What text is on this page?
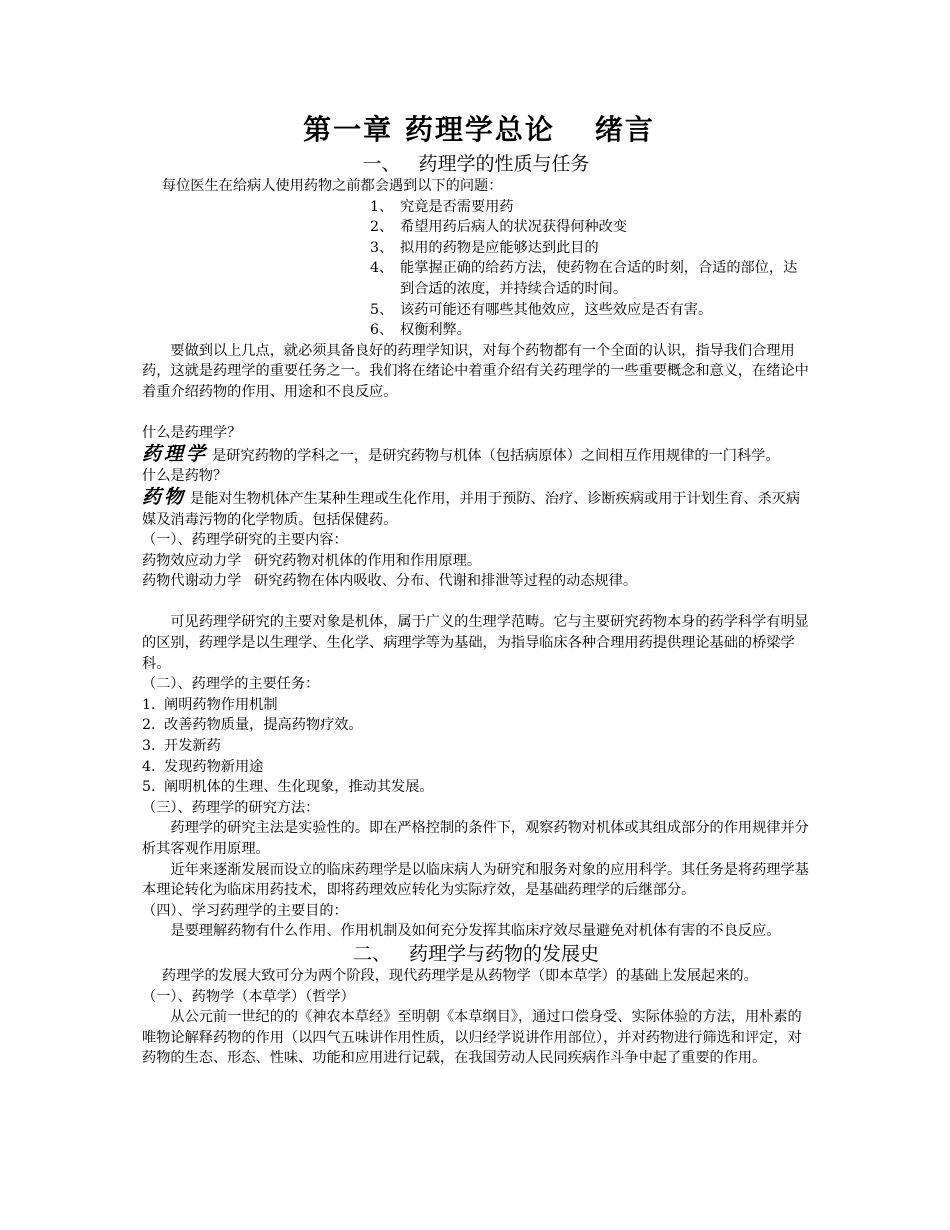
第一章 药理学总论 绪言
一、 药理学的性质与任务

每位医生在给病人使用药物之前都会遇到以下的问题：

1、 究竟是否需要用药
2、 希望用药后病人的状况获得何种改变
3、 拟用的药物是应能够达到此目的
4、 能掌握正确的给药方法，使药物在合适的时刻，合适的部位，达到合适的浓度，并持续合适的时间。
5、 该药可能还有哪些其他效应，这些效应是否有害。
6、 权衡利弊。

要做到以上几点，就必须具备良好的药理学知识，对每个药物都有一个全面的认识，指导我们合理用药，这就是药理学的重要任务之一。我们将在绪论中着重介绍有关药理学的一些重要概念和意义，在绪论中着重介绍药物的作用、用途和不良反应。

什么是药理学？

药理学 是研究药物的学科之一，是研究药物与机体（包括病原体）之间相互作用规律的一门科学。

什么是药物？

药物 是能对生物机体产生某种生理或生化作用，并用于预防、治疗、诊断疾病或用于计划生育、杀灭病媒及消毒污物的化学物质。包括保健药。

（一）、药理学研究的主要内容：

药物效应动力学 研究药物对机体的作用和作用原理。

药物代谢动力学 研究药物在体内吸收、分布、代谢和排泄等过程的动态规律。

可见药理学研究的主要对象是机体，属于广义的生理学范畴。它与主要研究药物本身的药学科学有明显的区别，药理学是以生理学、生化学、病理学等为基础，为指导临床各种合理用药提供理论基础的桥梁学科。

（二）、药理学的主要任务：

1. 阐明药物作用机制
2. 改善药物质量，提高药物疗效。
3. 开发新药
4. 发现药物新用途
5. 阐明机体的生理、生化现象，推动其发展。

（三）、药理学的研究方法：

药理学的研究主法是实验性的。即在严格控制的条件下，观察药物对机体或其组成部分的作用规律并分析其客观作用原理。

近年来逐渐发展而设立的临床药理学是以临床病人为研究和服务对象的应用科学。其任务是将药理学基本理论转化为临床用药技术，即将药理效应转化为实际疗效，是基础药理学的后继部分。

（四）、学习药理学的主要目的：

是要理解药物有什么作用、作用机制及如何充分发挥其临床疗效尽量避免对机体有害的不良反应。

二、 药理学与药物的发展史

药理学的发展大致可分为两个阶段，现代药理学是从药物学（即本草学）的基础上发展起来的。

（一）、药物学（本草学）（哲学）

从公元前一世纪的的《神农本草经》至明朝《本草纲目》，通过口偿身受、实际体验的方法，用朴素的唯物论解释药物的作用（以四气五味讲作用性质，以归经学说讲作用部位），并对药物进行筛选和评定，对药物的生态、形态、性味、功能和应用进行记载，在我国劳动人民同疾病作斗争中起了重要的作用。
